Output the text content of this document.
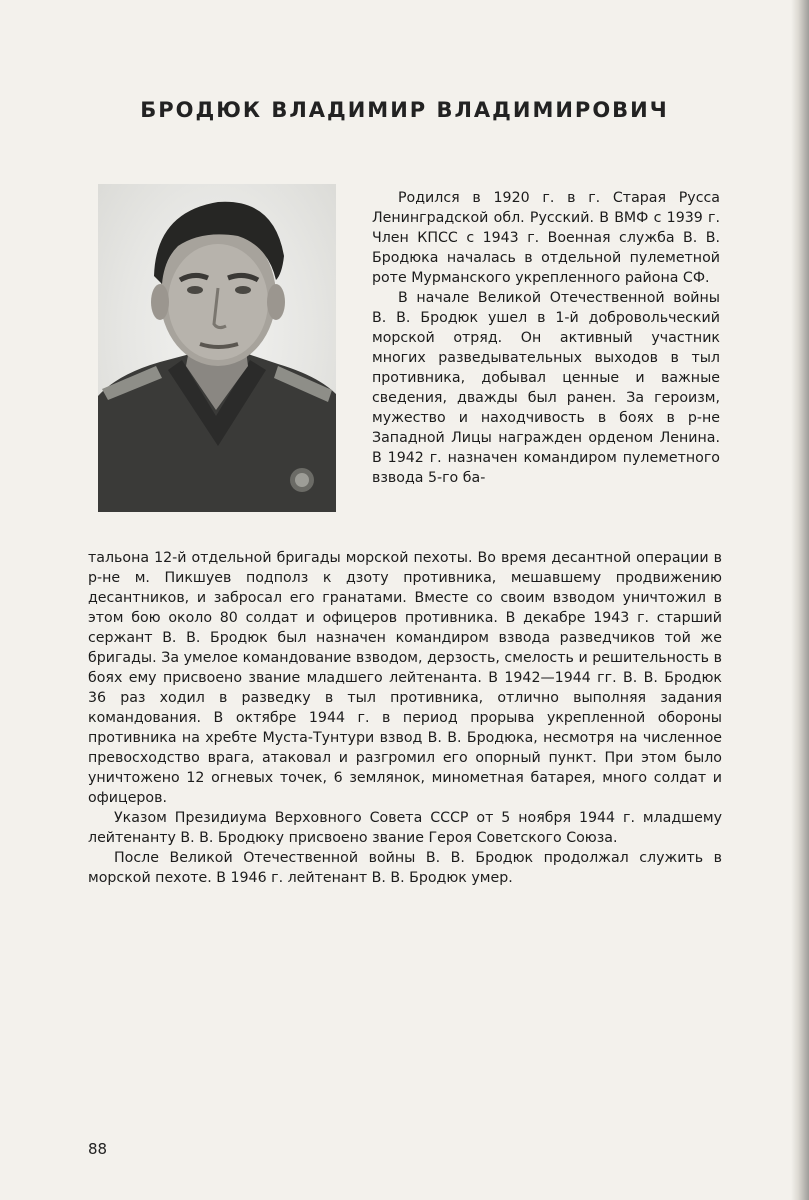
БРОДЮК ВЛАДИМИР ВЛАДИМИРОВИЧ

Родился в 1920 г. в г. Старая Русса Ленинградской обл. Русский. В ВМФ с 1939 г. Член КПСС с 1943 г. Военная служба В. В. Бродюка началась в отдельной пулеметной роте Мурманского укрепленного района СФ.

В начале Великой Отечественной войны В. В. Бродюк ушел в 1-й добровольческий морской отряд. Он активный участник многих разведывательных выходов в тыл противника, добывал ценные и важные сведения, дважды был ранен. За героизм, мужество и находчивость в боях в р-не Западной Лицы награжден орденом Ленина. В 1942 г. назначен командиром пулеметного взвода 5-го ба-

тальона 12-й отдельной бригады морской пехоты. Во время десантной операции в р-не м. Пикшуев подполз к дзоту противника, мешавшему продвижению десантников, и забросал его гранатами. Вместе со своим взводом уничтожил в этом бою около 80 солдат и офицеров противника. В декабре 1943 г. старший сержант В. В. Бродюк был назначен командиром взвода разведчиков той же бригады. За умелое командование взводом, дерзость, смелость и решительность в боях ему присвоено звание младшего лейтенанта. В 1942—1944 гг. В. В. Бродюк 36 раз ходил в разведку в тыл противника, отлично выполняя задания командования. В октябре 1944 г. в период прорыва укрепленной обороны противника на хребте Муста-Тунтури взвод В. В. Бродюка, несмотря на численное превосходство врага, атаковал и разгромил его опорный пункт. При этом было уничтожено 12 огневых точек, 6 землянок, минометная батарея, много солдат и офицеров.

Указом Президиума Верховного Совета СССР от 5 ноября 1944 г. младшему лейтенанту В. В. Бродюку присвоено звание Героя Советского Союза.

После Великой Отечественной войны В. В. Бродюк продолжал служить в морской пехоте. В 1946 г. лейтенант В. В. Бродюк умер.

88
